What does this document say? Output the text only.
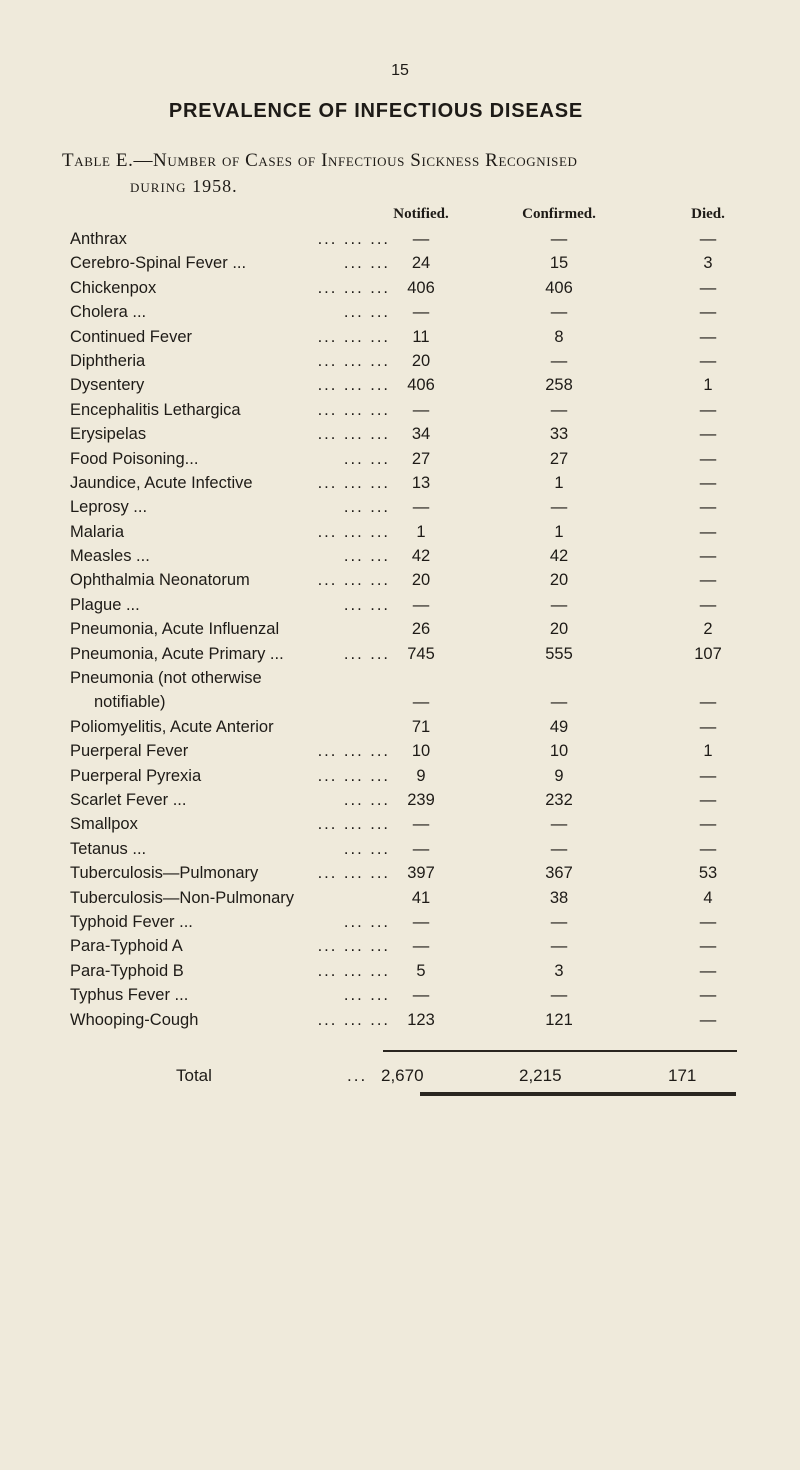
15
PREVALENCE OF INFECTIOUS DISEASE
Table E.—Number of Cases of Infectious Sickness Recognised
during 1958.
Notified.	Confirmed.	Died.
Anthrax	... ... ...	—	—	—
Cerebro-Spinal Fever ...	... ...	24	15	3
Chickenpox	... ... ...	406	406	—
Cholera ...	... ...	—	—	—
Continued Fever	... ... ...	11	8	—
Diphtheria	... ... ...	20	—	—
Dysentery	... ... ...	406	258	1
Encephalitis Lethargica	... ... ...	—	—	—
Erysipelas	... ... ...	34	33	—
Food Poisoning...	... ...	27	27	—
Jaundice, Acute Infective	... ... ...	13	1	—
Leprosy ...	... ...	—	—	—
Malaria	... ... ...	1	1	—
Measles ...	... ...	42	42	—
Ophthalmia Neonatorum	... ... ...	20	20	—
Plague ...	... ...	—	—	—
Pneumonia, Acute Influenzal	26	20	2
Pneumonia, Acute Primary ...	... ...	745	555	107
Pneumonia (not otherwise
notifiable)	—	—	—
Poliomyelitis, Acute Anterior	71	49	—
Puerperal Fever	... ... ...	10	10	1
Puerperal Pyrexia	... ... ...	9	9	—
Scarlet Fever ...	... ...	239	232	—
Smallpox	... ... ...	—	—	—
Tetanus ...	... ...	—	—	—
Tuberculosis—Pulmonary	... ... ...	397	367	53
Tuberculosis—Non-Pulmonary	41	38	4
Typhoid Fever ...	... ...	—	—	—
Para-Typhoid A	... ... ...	—	—	—
Para-Typhoid B	... ... ...	5	3	—
Typhus Fever ...	... ...	—	—	—
Whooping-Cough	... ... ...	123	121	—
Total	... 2,670	2,215	171
